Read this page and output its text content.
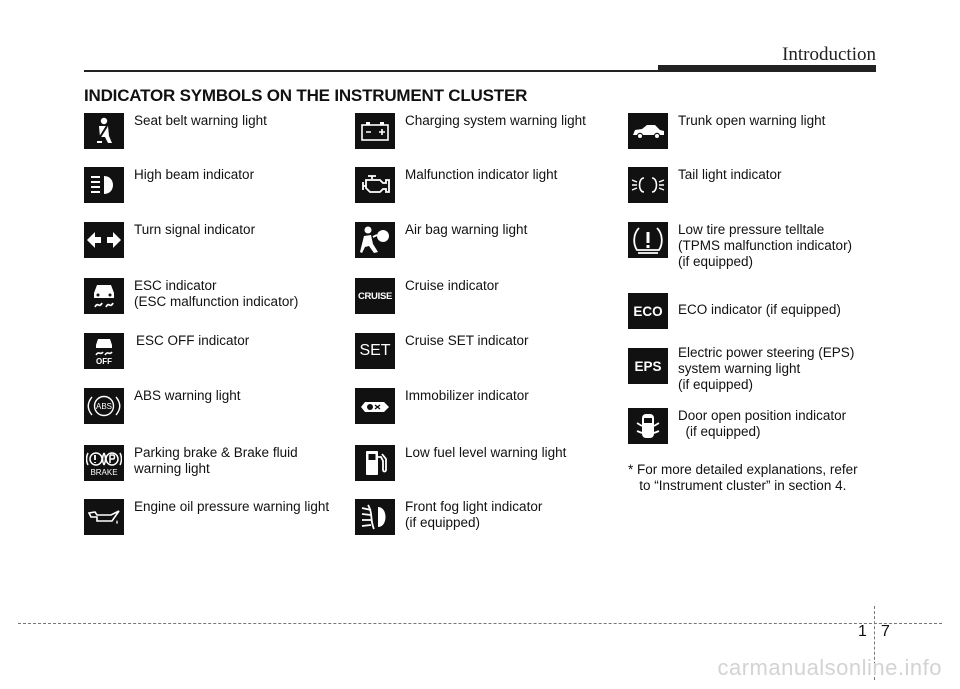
Introduction
INDICATOR SYMBOLS ON THE INSTRUMENT CLUSTER
Seat belt warning light
High beam indicator
Turn signal indicator
ESC indicator
(ESC malfunction indicator)
OFF
ESC OFF indicator
ABS
ABS warning light
BRAKE
Parking brake & Brake fluid
warning light
Engine oil pressure warning light
Charging system warning light
Malfunction indicator light
Air bag warning light
CRUISE
Cruise indicator
SET
Cruise SET indicator
Immobilizer indicator
Low fuel level warning light
Front fog light indicator
(if equipped)
Trunk open warning light
Tail light indicator
Low tire pressure telltale
(TPMS malfunction indicator)
(if equipped)
ECO ECO indicator (if equipped)
EPS
Electric power steering (EPS)
system warning light
(if equipped)
Door open position indicator
(if equipped)
* For more detailed explanations, refer
to “Instrument cluster” in section 4.
1 7
carmanualsonline.info
